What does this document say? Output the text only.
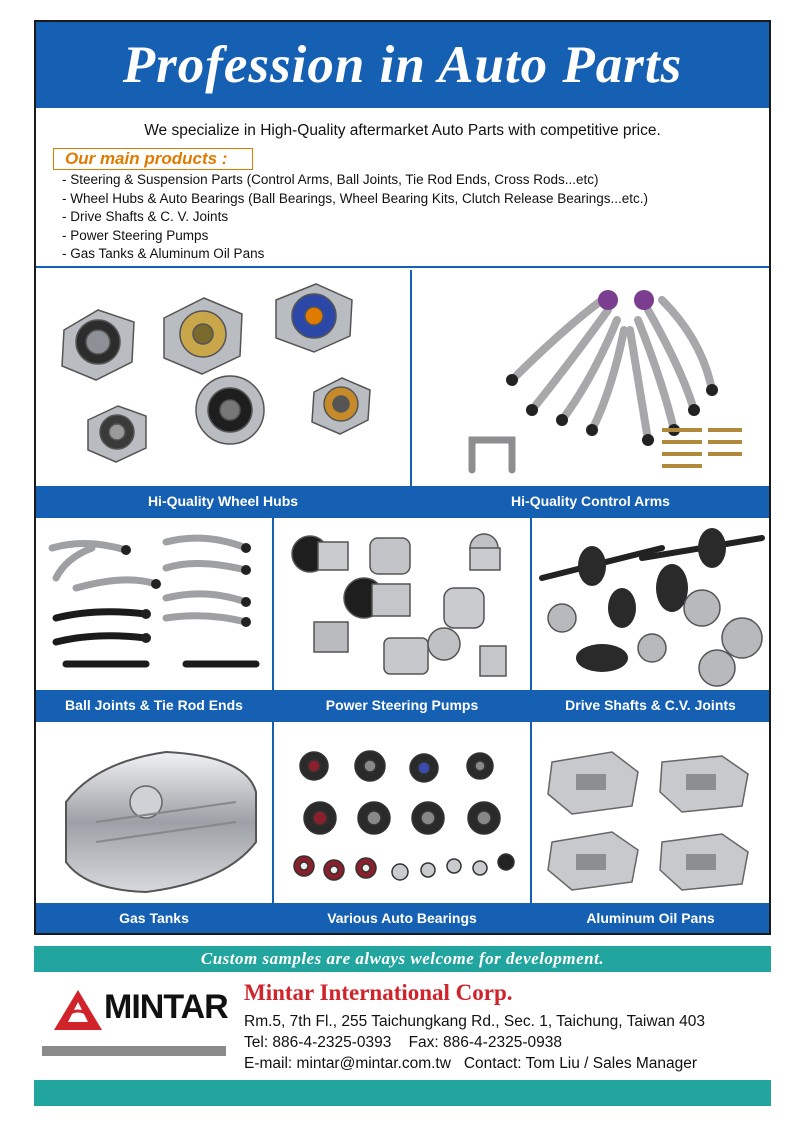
Profession in Auto Parts
We specialize in High-Quality aftermarket Auto Parts with competitive price.
Our main products :
- Steering & Suspension Parts (Control Arms, Ball Joints, Tie Rod Ends, Cross Rods...etc)
- Wheel Hubs & Auto Bearings (Ball Bearings, Wheel Bearing Kits, Clutch Release Bearings...etc.)
- Drive Shafts & C. V. Joints
- Power Steering Pumps
- Gas Tanks & Aluminum Oil Pans
Hi-Quality Wheel Hubs	Hi-Quality Control Arms
Ball Joints & Tie Rod Ends	Power Steering Pumps	Drive Shafts & C.V. Joints
Gas Tanks	Various Auto Bearings	Aluminum Oil Pans
Custom samples are always welcome for development.
MINTAR Mintar International Corp.
Rm.5, 7th Fl., 255 Taichungkang Rd., Sec. 1, Taichung, Taiwan 403
Tel: 886-4-2325-0393    Fax: 886-4-2325-0938
E-mail: mintar@mintar.com.tw   Contact: Tom Liu / Sales Manager
